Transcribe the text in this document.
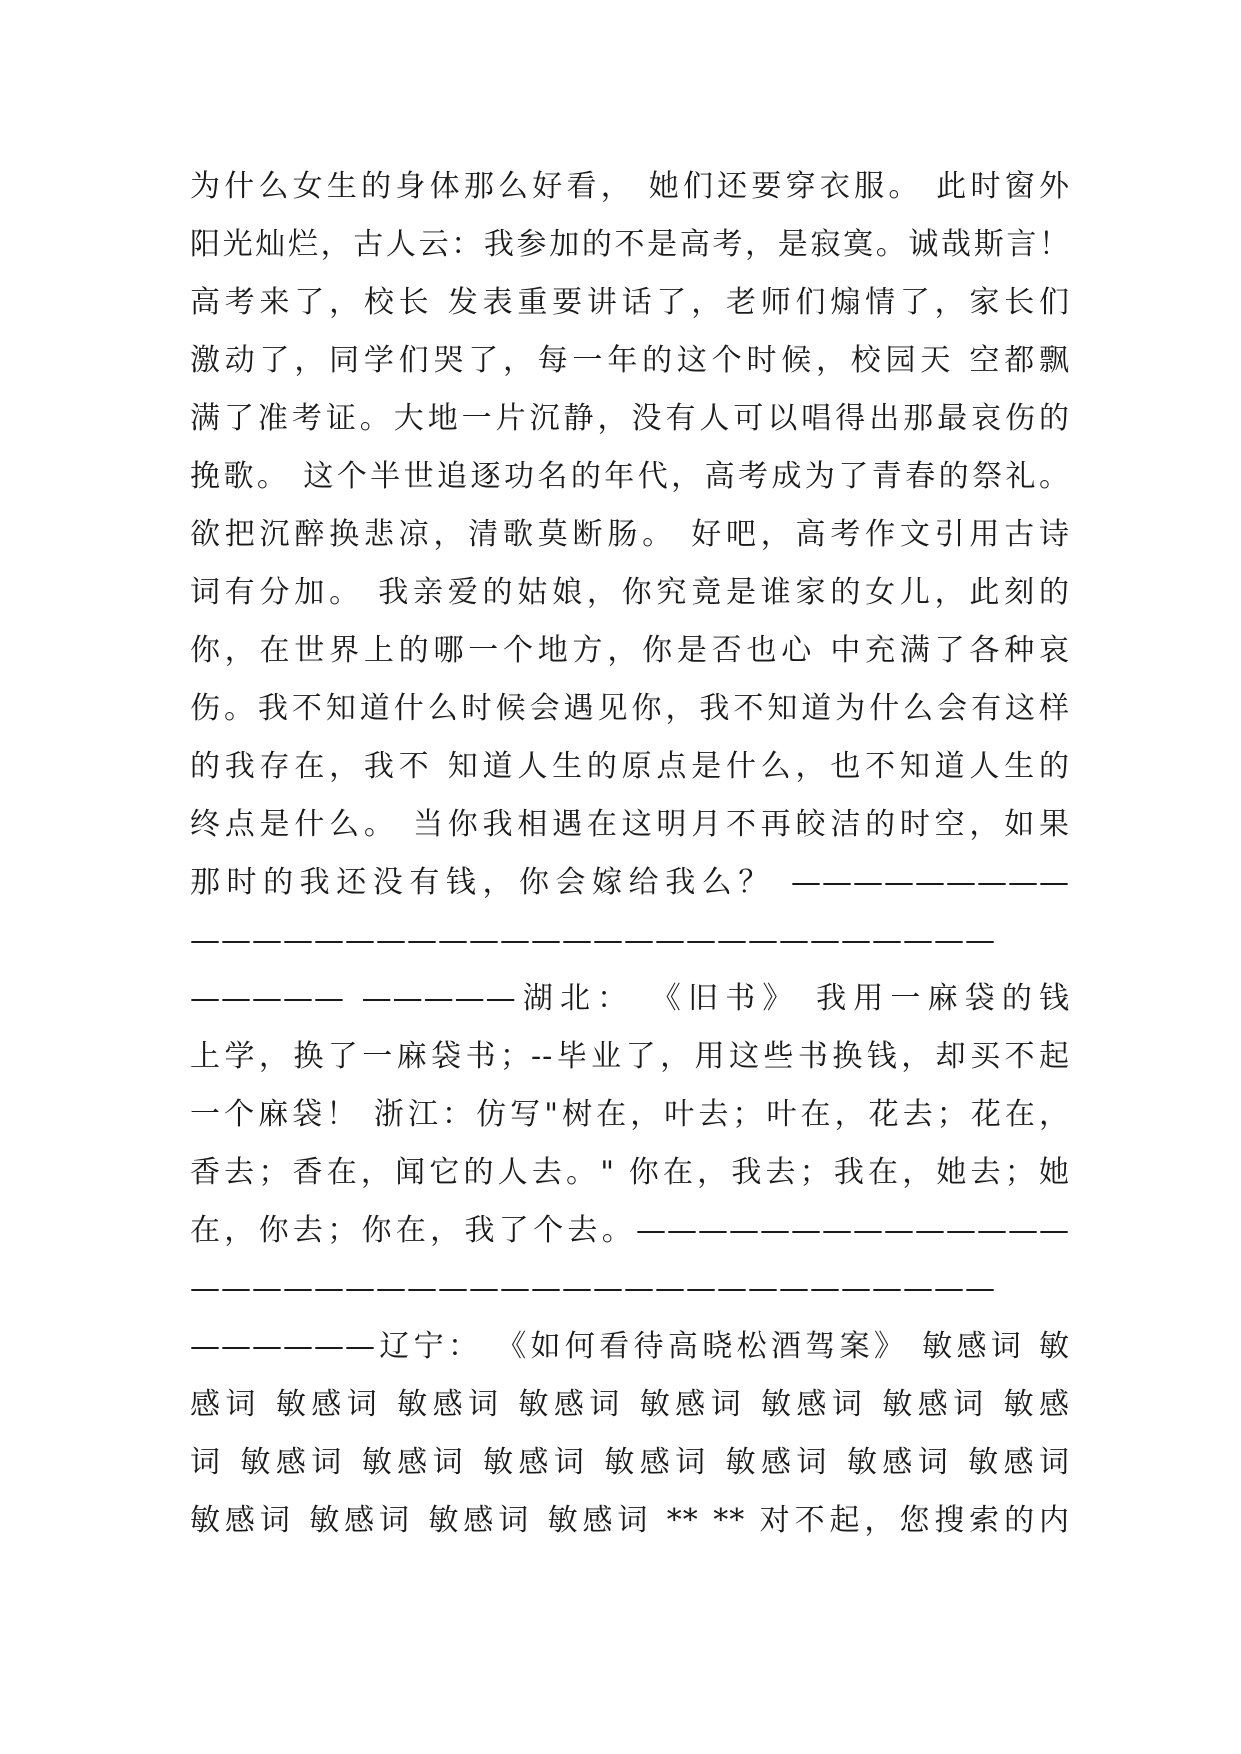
为什么女生的身体那么好看， 她们还要穿衣服。 此时窗外
阳光灿烂，古人云：我参加的不是高考，是寂寞。诚哉斯言！
高考来了，校长 发表重要讲话了，老师们煽情了，家长们
激动了，同学们哭了，每一年的这个时候，校园天 空都飘
满了准考证。大地一片沉静，没有人可以唱得出那最哀伤的
挽歌。 这个半世追逐功名的年代，高考成为了青春的祭礼。
欲把沉醉换悲凉，清歌莫断肠。 好吧，高考作文引用古诗
词有分加。 我亲爱的姑娘，你究竟是谁家的女儿，此刻的
你，在世界上的哪一个地方，你是否也心 中充满了各种哀
伤。我不知道什么时候会遇见你，我不知道为什么会有这样
的我存在，我不 知道人生的原点是什么，也不知道人生的
终点是什么。 当你我相遇在这明月不再皎洁的时空，如果
那时的我还没有钱，你会嫁给我么？ —————————
——————————————————————————
————— —————湖北： 《旧书》 我用一麻袋的钱
上学，换了一麻袋书；--毕业了，用这些书换钱，却买不起
一个麻袋！ 浙江：仿写"树在，叶去；叶在，花去；花在，
香去；香在，闻它的人去。" 你在，我去；我在，她去；她
在，你去；你在，我了个去。——————————————
——————————————————————————
——————辽宁： 《如何看待高晓松酒驾案》 敏感词 敏
感词 敏感词 敏感词 敏感词 敏感词 敏感词 敏感词 敏感
词 敏感词 敏感词 敏感词 敏感词 敏感词 敏感词 敏感词
敏感词 敏感词 敏感词 敏感词 ** ** 对不起，您搜索的内
